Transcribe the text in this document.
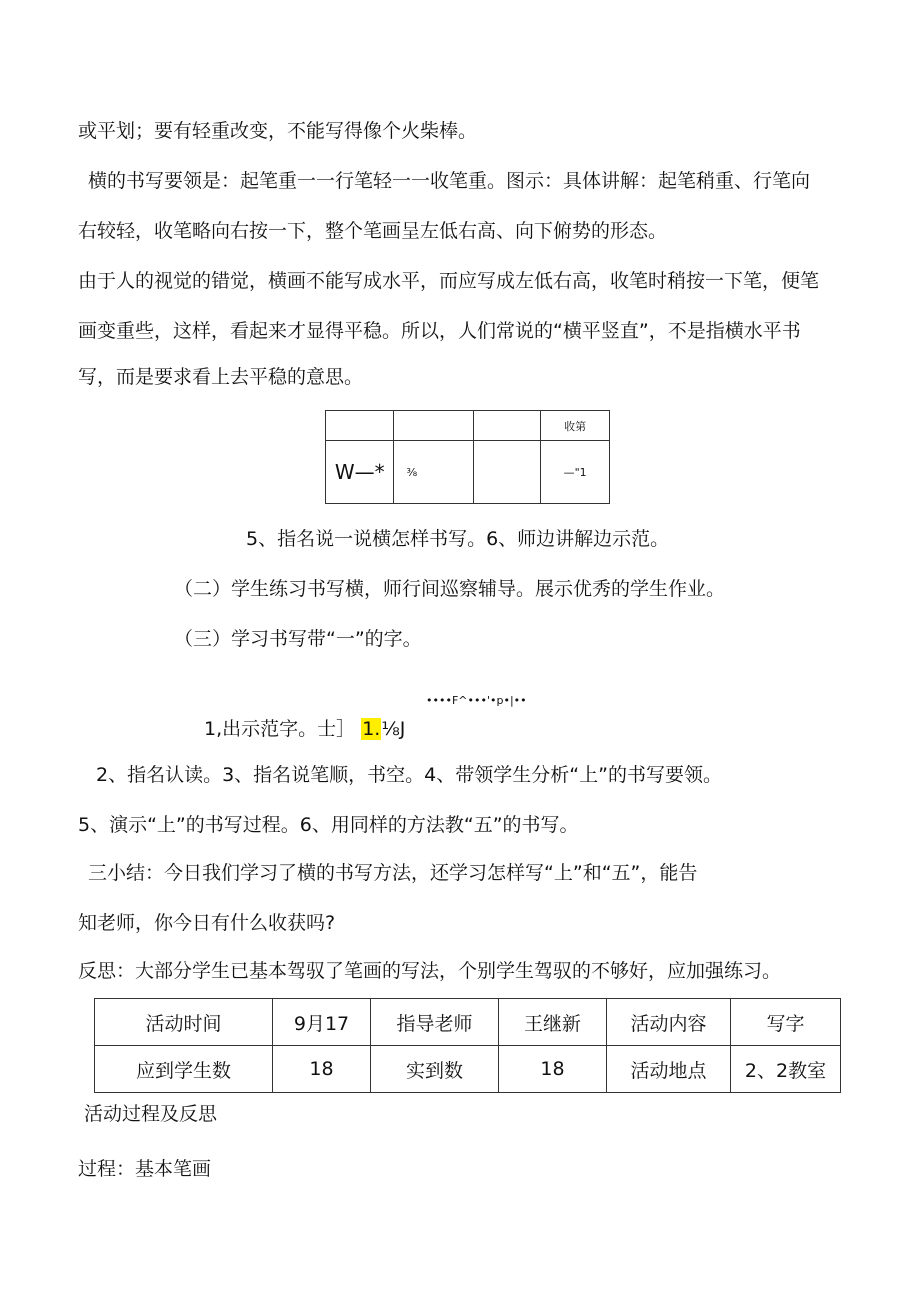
或平划；要有轻重改变，不能写得像个火柴棒。
横的书写要领是：起笔重一一行笔轻一一收笔重。图示：具体讲解：起笔稍重、行笔向
右较轻，收笔略向右按一下，整个笔画呈左低右高、向下俯势的形态。
由于人的视觉的错觉，横画不能写成水平，而应写成左低右高，收笔时稍按一下笔，便笔
画变重些，这样，看起来才显得平稳。所以，人们常说的“横平竖直”，不是指横水平书
写，而是要求看上去平稳的意思。
			收第
W—*	⅜		—"1
5、指名说一说横怎样书写。6、师边讲解边示范。
（二）学生练习书写横，师行间巡察辅导。展示优秀的学生作业。
（三）学习书写带“一”的字。
••••F^•••'•p•|••
1,出示范字。士］ 1.⅛J
2、指名认读。3、指名说笔顺，书空。4、带领学生分析“上”的书写要领。
5、演示“上”的书写过程。6、用同样的方法教“五”的书写。
三小结：今日我们学习了横的书写方法，还学习怎样写“上”和“五”，能告
知老师，你今日有什么收获吗?
反思：大部分学生已基本驾驭了笔画的写法，个别学生驾驭的不够好，应加强练习。
活动时间	9月17	指导老师	王继新	活动内容	写字
应到学生数	18	实到数	18	活动地点	2、2教室
活动过程及反思
过程：基本笔画
